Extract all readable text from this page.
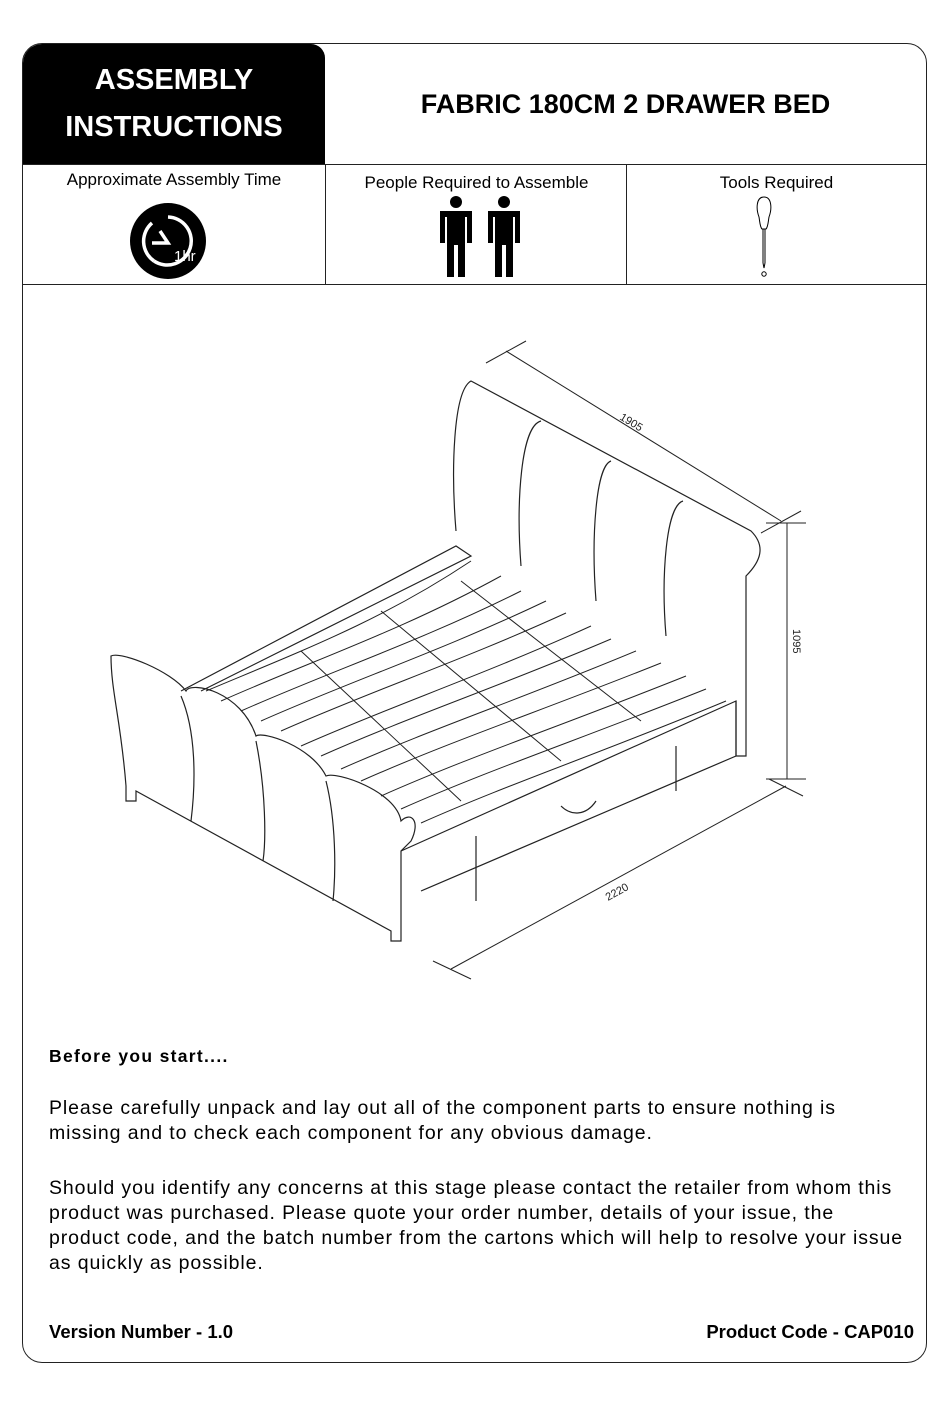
ASSEMBLY
INSTRUCTIONS
FABRIC 180CM 2 DRAWER BED
Approximate Assembly Time
1hr
People Required to Assemble	Tools Required
1905
1095
2220
Before you start....
Please carefully unpack and lay out all of the component parts to ensure nothing is missing and to check each component for any obvious damage.
Should you identify any concerns at this stage please contact the retailer from whom this product was purchased. Please quote your order number, details of your issue, the product code, and the batch number from the cartons which will help to resolve your issue as quickly as possible.
Version Number - 1.0	Product Code - CAP010
